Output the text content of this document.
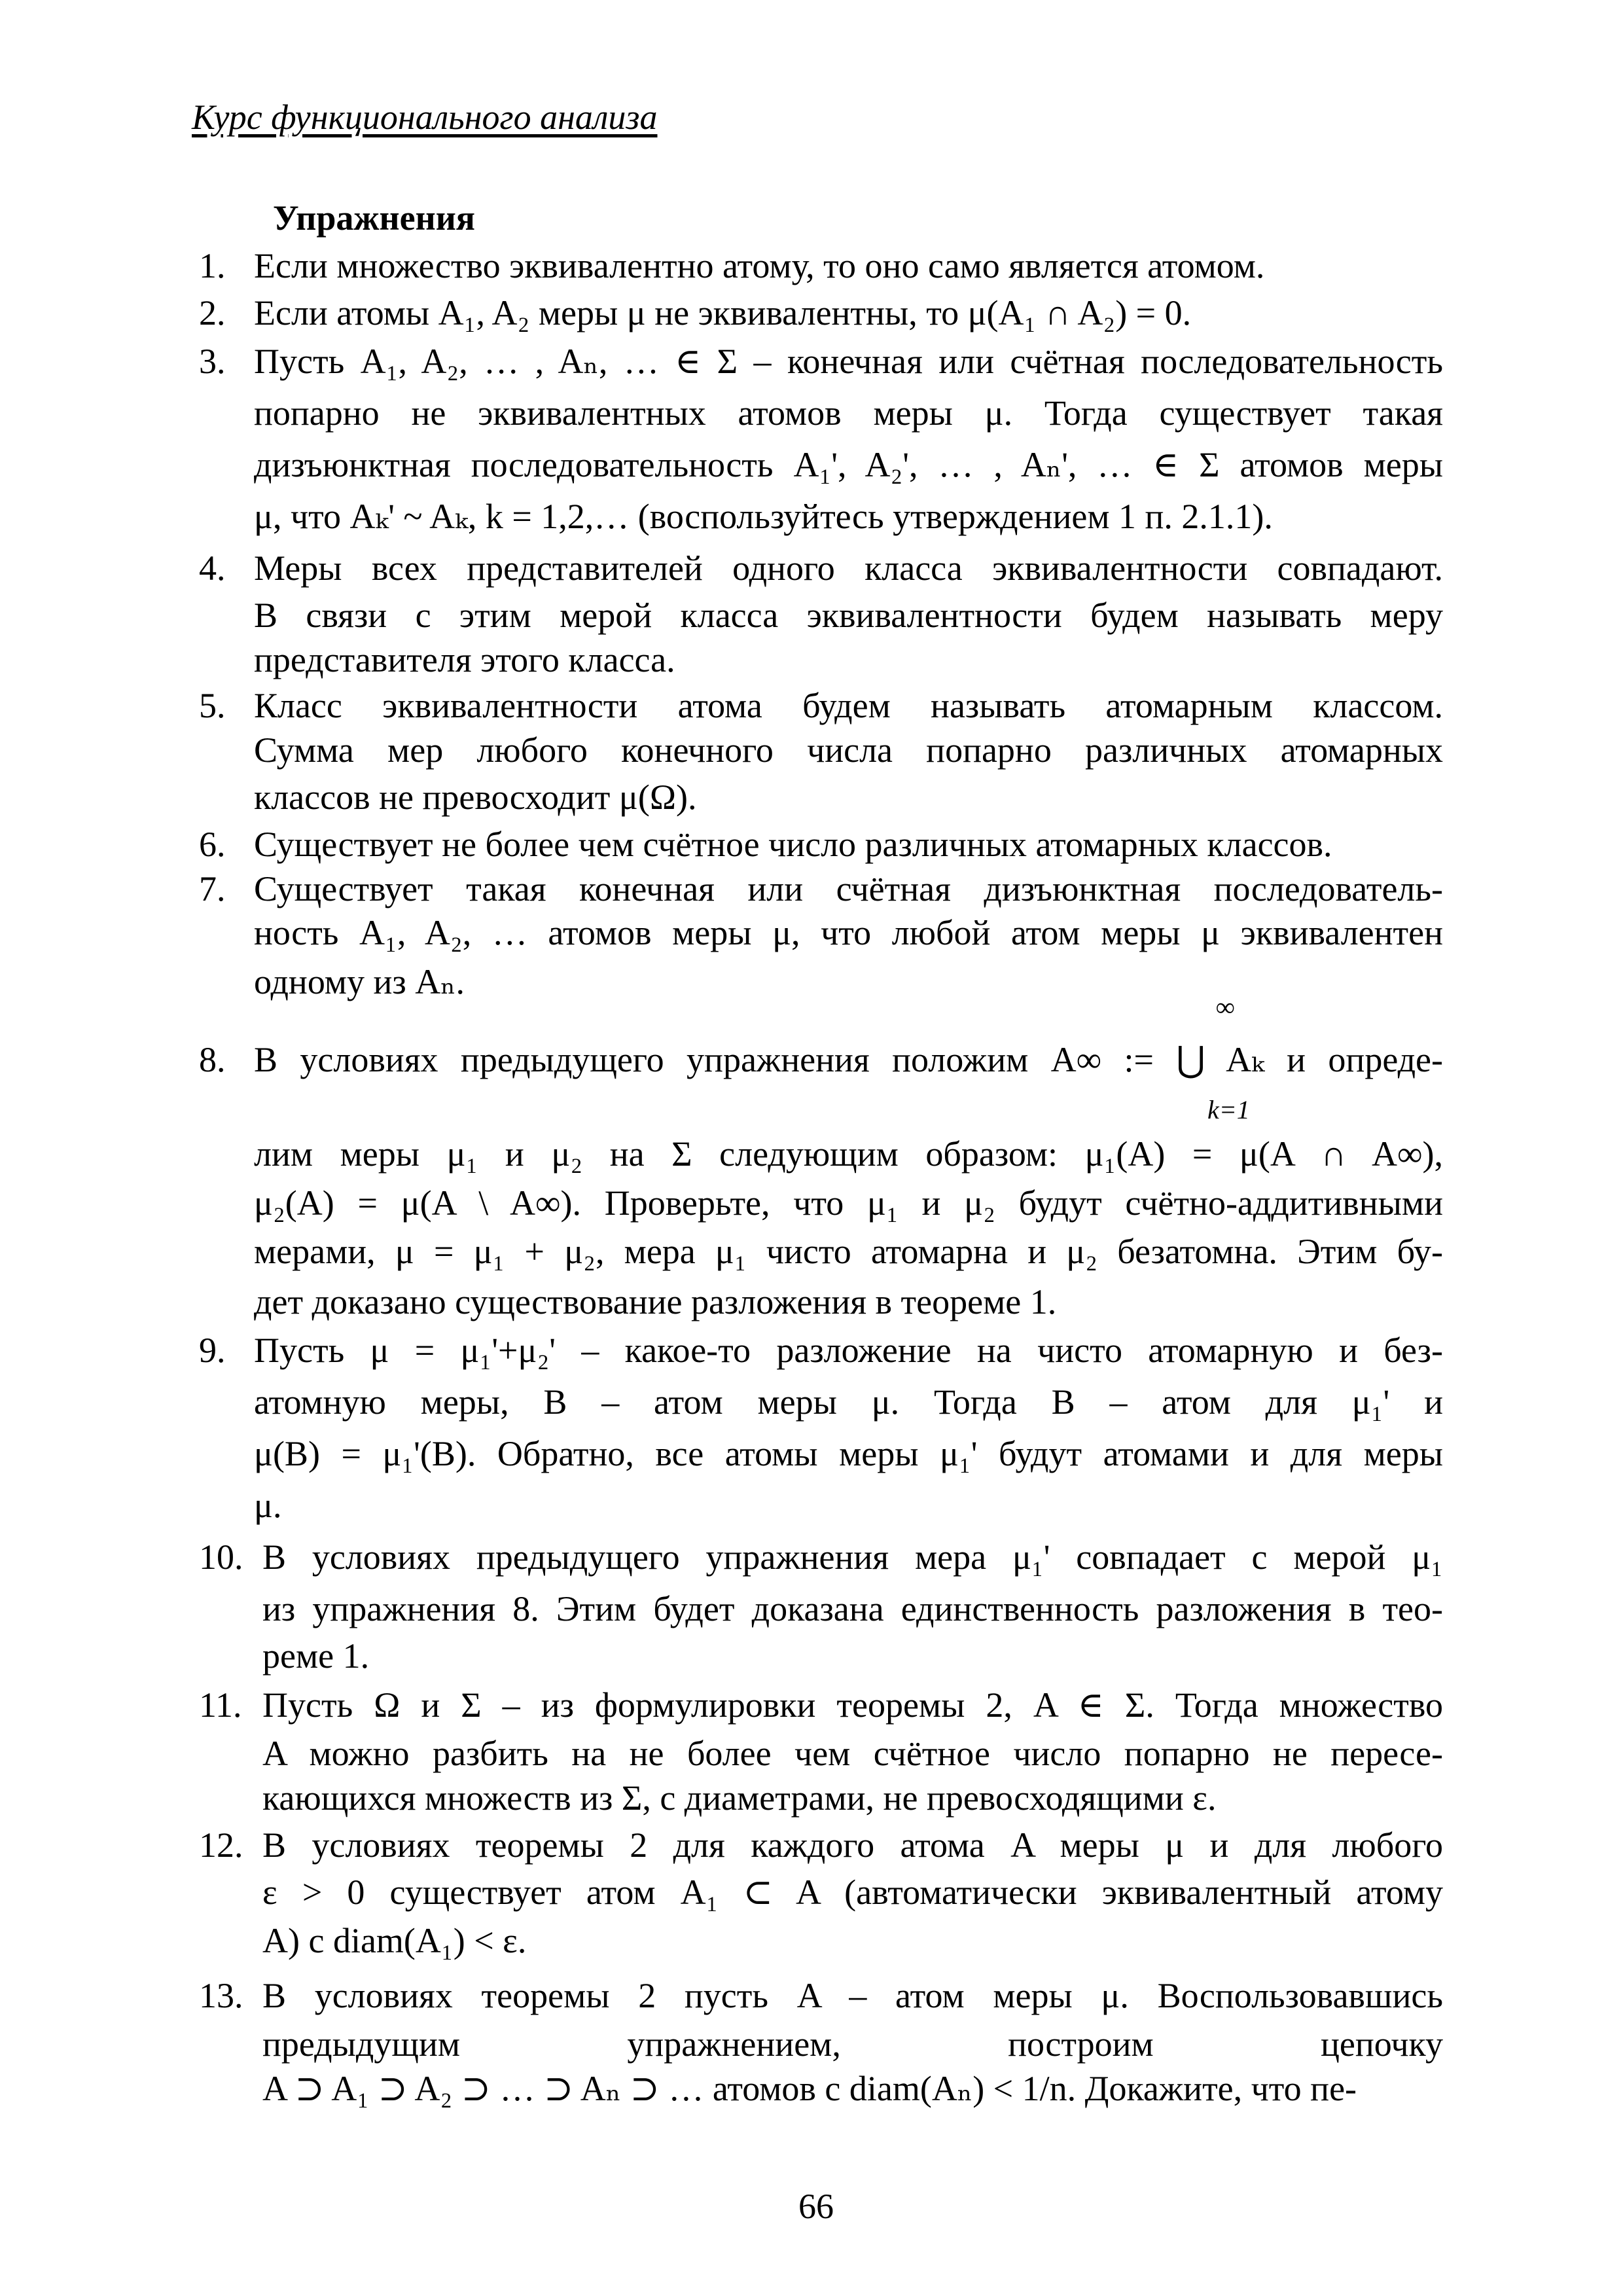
Курс функционального анализа
Упражнения
1. Если множество эквивалентно атому, то оно само является атомом.
2. Если атомы A₁, A₂ меры μ не эквивалентны, то μ(A₁ ∩ A₂) = 0.
3. Пусть A₁, A₂, … , Aₙ, … ∈ Σ – конечная или счётная последовательность
попарно не эквивалентных атомов меры μ. Тогда существует такая
дизъюнктная последовательность A₁', A₂', … , Aₙ', … ∈ Σ атомов меры
μ, что Aₖ' ~ Aₖ, k = 1,2,… (воспользуйтесь утверждением 1 п. 2.1.1).
4. Меры всех представителей одного класса эквивалентности совпадают.
В связи с этим мерой класса эквивалентности будем называть меру
представителя этого класса.
5. Класс эквивалентности атома будем называть атомарным классом.
Сумма мер любого конечного числа попарно различных атомарных
классов не превосходит μ(Ω).
6. Существует не более чем счётное число различных атомарных классов.
7. Существует такая конечная или счётная дизъюнктная последователь-
ность A₁, A₂, … атомов меры μ, что любой атом меры μ эквивалентен
одному из Aₙ.
8. В условиях предыдущего упражнения положим A∞ := ⋃ Aₖ и опреде-
лим меры μ₁ и μ₂ на Σ следующим образом: μ₁(A) = μ(A ∩ A∞),
μ₂(A) = μ(A \ A∞). Проверьте, что μ₁ и μ₂ будут счётно-аддитивными
мерами, μ = μ₁ + μ₂, мера μ₁ чисто атомарна и μ₂ безатомна. Этим бу-
дет доказано существование разложения в теореме 1.
∞
k=1
9. Пусть μ = μ₁'+μ₂' – какое-то разложение на чисто атомарную и без-
атомную меры, B – атом меры μ. Тогда B – атом для μ₁' и
μ(B) = μ₁'(B). Обратно, все атомы меры μ₁' будут атомами и для меры
μ.
10. В условиях предыдущего упражнения мера μ₁' совпадает с мерой μ₁
из упражнения 8. Этим будет доказана единственность разложения в тео-
реме 1.
11. Пусть Ω и Σ – из формулировки теоремы 2, A ∈ Σ. Тогда множество
A можно разбить на не более чем счётное число попарно не пересе-
кающихся множеств из Σ, с диаметрами, не превосходящими ε.
12. В условиях теоремы 2 для каждого атома A меры μ и для любого
ε > 0 существует атом A₁ ⊂ A (автоматически эквивалентный атому
A) с diam(A₁) < ε.
13. В условиях теоремы 2 пусть A – атом меры μ. Воспользовавшись
предыдущим упражнением, построим цепочку
A ⊃ A₁ ⊃ A₂ ⊃ … ⊃ Aₙ ⊃ … атомов с diam(Aₙ) < 1/n. Докажите, что пе-
66
